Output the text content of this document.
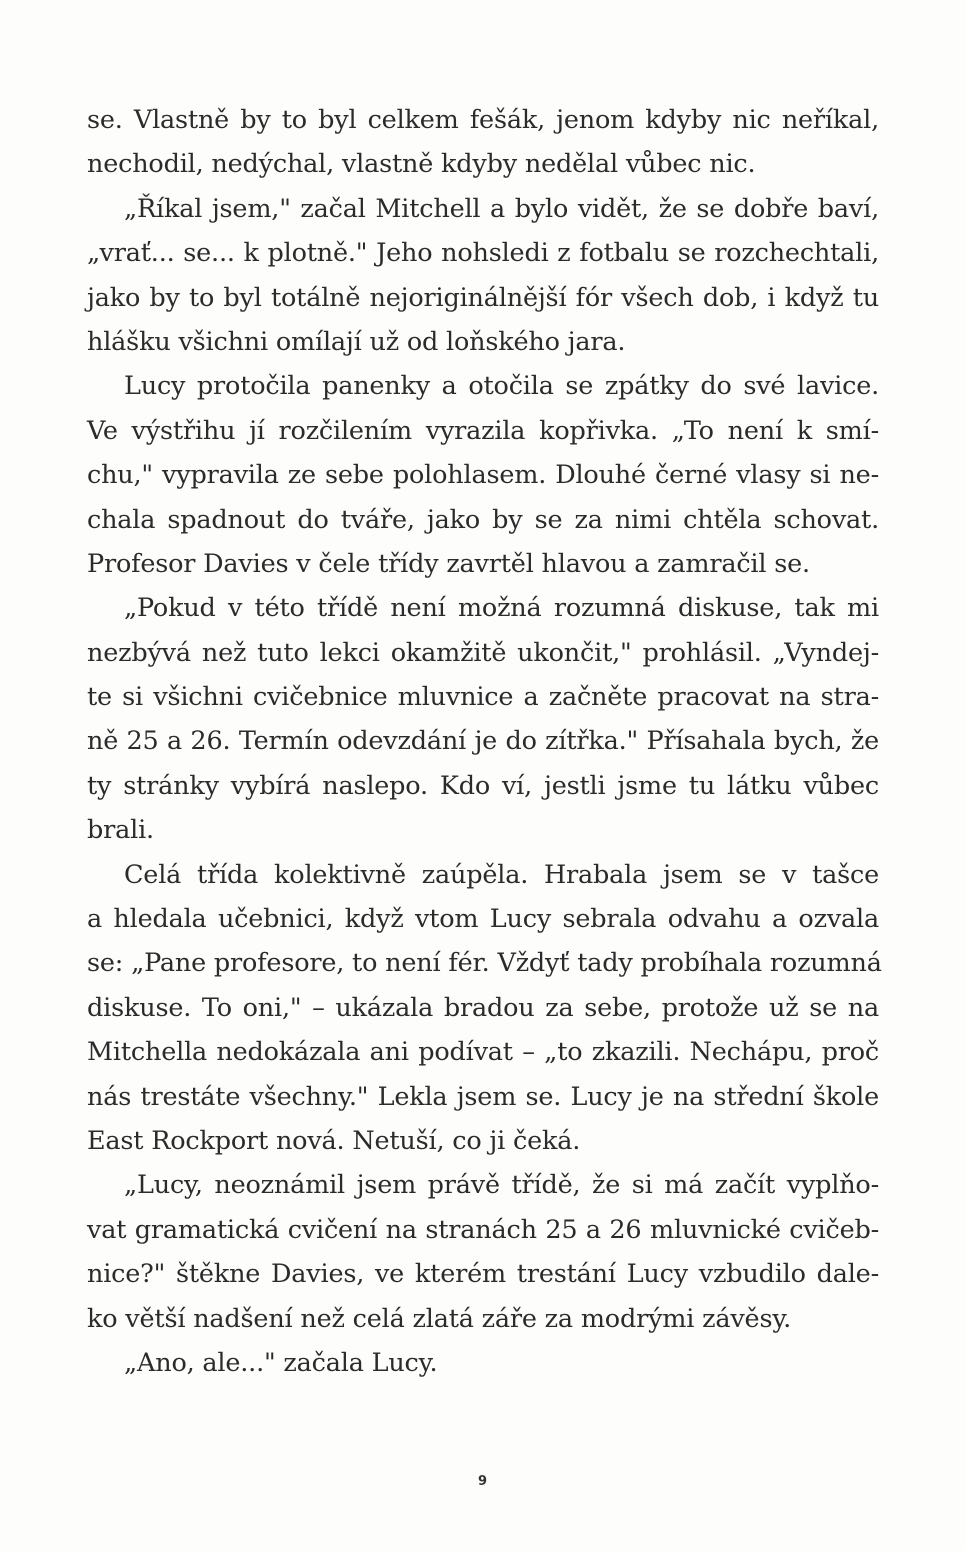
se. Vlastně by to byl celkem fešák, jenom kdyby nic neříkal,
nechodil, nedýchal, vlastně kdyby nedělal vůbec nic.
„Říkal jsem," začal Mitchell a bylo vidět, že se dobře baví,
„vrať... se... k plotně." Jeho nohsledi z fotbalu se rozchechtali,
jako by to byl totálně nejoriginálnější fór všech dob, i když tu
hlášku všichni omílají už od loňského jara.
Lucy protočila panenky a otočila se zpátky do své lavice.
Ve výstřihu jí rozčilením vyrazila kopřivka. „To není k smí-
chu," vypravila ze sebe polohlasem. Dlouhé černé vlasy si ne-
chala spadnout do tváře, jako by se za nimi chtěla schovat.
Profesor Davies v čele třídy zavrtěl hlavou a zamračil se.
„Pokud v této třídě není možná rozumná diskuse, tak mi
nezbývá než tuto lekci okamžitě ukončit," prohlásil. „Vyndej-
te si všichni cvičebnice mluvnice a začněte pracovat na stra-
ně 25 a 26. Termín odevzdání je do zítřka." Přísahala bych, že
ty stránky vybírá naslepo. Kdo ví, jestli jsme tu látku vůbec
brali.
Celá třída kolektivně zaúpěla. Hrabala jsem se v tašce
a hledala učebnici, když vtom Lucy sebrala odvahu a ozvala
se: „Pane profesore, to není fér. Vždyť tady probíhala rozumná
diskuse. To oni," – ukázala bradou za sebe, protože už se na
Mitchella nedokázala ani podívat – „to zkazili. Nechápu, proč
nás trestáte všechny." Lekla jsem se. Lucy je na střední škole
East Rockport nová. Netuší, co ji čeká.
„Lucy, neoznámil jsem právě třídě, že si má začít vyplňo-
vat gramatická cvičení na stranách 25 a 26 mluvnické cvičeb-
nice?" štěkne Davies, ve kterém trestání Lucy vzbudilo dale-
ko větší nadšení než celá zlatá záře za modrými závěsy.
„Ano, ale..." začala Lucy.
9
